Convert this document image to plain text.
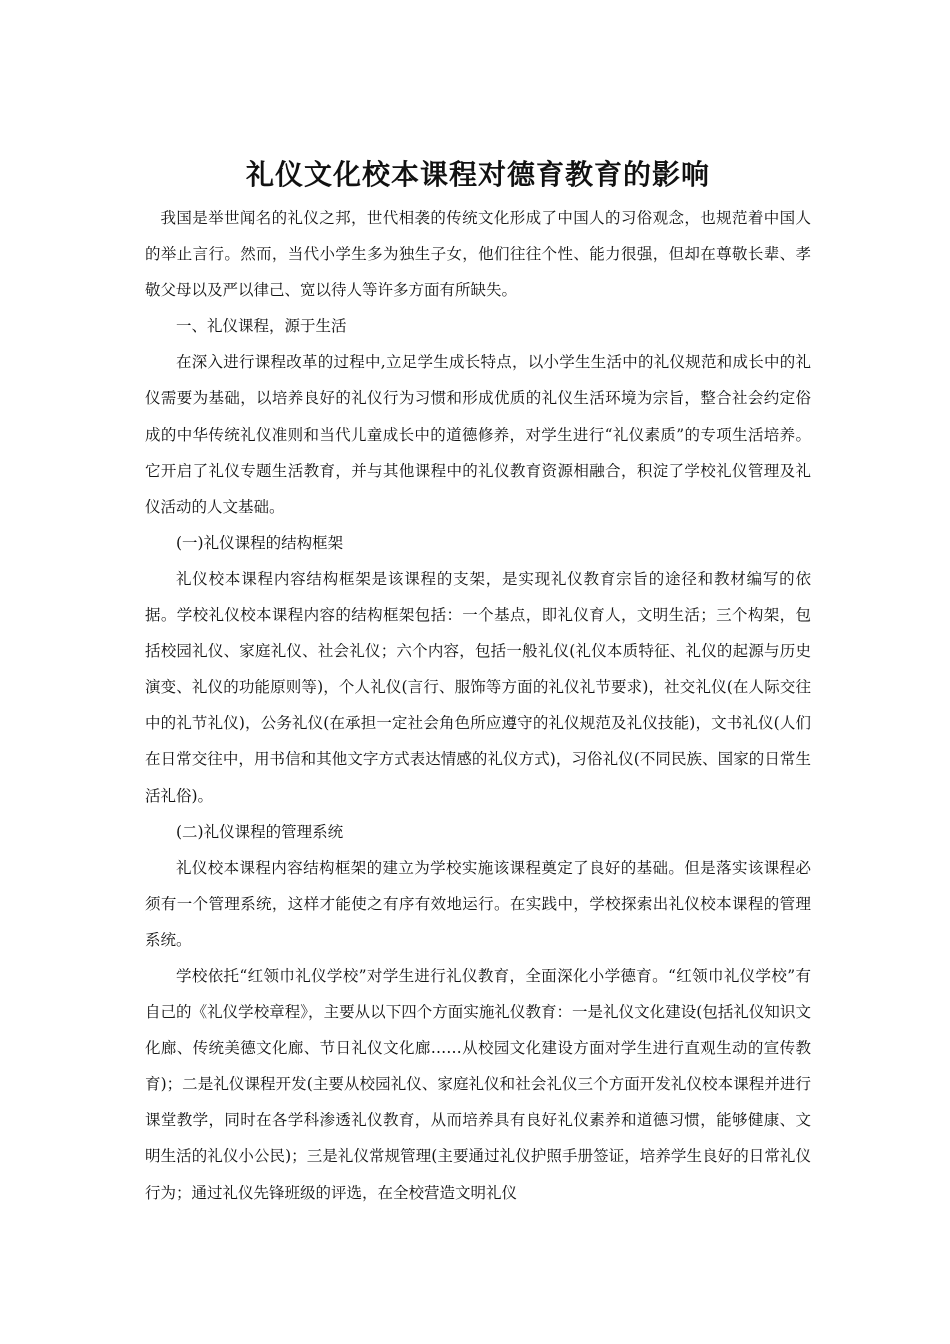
礼仪文化校本课程对德育教育的影响

我国是举世闻名的礼仪之邦，世代相袭的传统文化形成了中国人的习俗观念，也规范着中国人的举止言行。然而，当代小学生多为独生子女，他们往往个性、能力很强，但却在尊敬长辈、孝敬父母以及严以律己、宽以待人等许多方面有所缺失。

一、礼仪课程，源于生活

在深入进行课程改革的过程中,立足学生成长特点，以小学生生活中的礼仪规范和成长中的礼仪需要为基础，以培养良好的礼仪行为习惯和形成优质的礼仪生活环境为宗旨，整合社会约定俗成的中华传统礼仪准则和当代儿童成长中的道德修养，对学生进行“礼仪素质”的专项生活培养。它开启了礼仪专题生活教育，并与其他课程中的礼仪教育资源相融合，积淀了学校礼仪管理及礼仪活动的人文基础。

(一)礼仪课程的结构框架

礼仪校本课程内容结构框架是该课程的支架，是实现礼仪教育宗旨的途径和教材编写的依据。学校礼仪校本课程内容的结构框架包括：一个基点，即礼仪育人，文明生活；三个构架，包括校园礼仪、家庭礼仪、社会礼仪；六个内容，包括一般礼仪(礼仪本质特征、礼仪的起源与历史演变、礼仪的功能原则等)，个人礼仪(言行、服饰等方面的礼仪礼节要求)，社交礼仪(在人际交往中的礼节礼仪)，公务礼仪(在承担一定社会角色所应遵守的礼仪规范及礼仪技能)，文书礼仪(人们在日常交往中，用书信和其他文字方式表达情感的礼仪方式)，习俗礼仪(不同民族、国家的日常生活礼俗)。

(二)礼仪课程的管理系统

礼仪校本课程内容结构框架的建立为学校实施该课程奠定了良好的基础。但是落实该课程必须有一个管理系统，这样才能使之有序有效地运行。在实践中，学校探索出礼仪校本课程的管理系统。

学校依托“红领巾礼仪学校”对学生进行礼仪教育，全面深化小学德育。“红领巾礼仪学校”有自己的《礼仪学校章程》，主要从以下四个方面实施礼仪教育：一是礼仪文化建设(包括礼仪知识文化廊、传统美德文化廊、节日礼仪文化廊……从校园文化建设方面对学生进行直观生动的宣传教育)；二是礼仪课程开发(主要从校园礼仪、家庭礼仪和社会礼仪三个方面开发礼仪校本课程并进行课堂教学，同时在各学科渗透礼仪教育，从而培养具有良好礼仪素养和道德习惯，能够健康、文明生活的礼仪小公民)；三是礼仪常规管理(主要通过礼仪护照手册签证，培养学生良好的日常礼仪行为；通过礼仪先锋班级的评选，在全校营造文明礼仪
